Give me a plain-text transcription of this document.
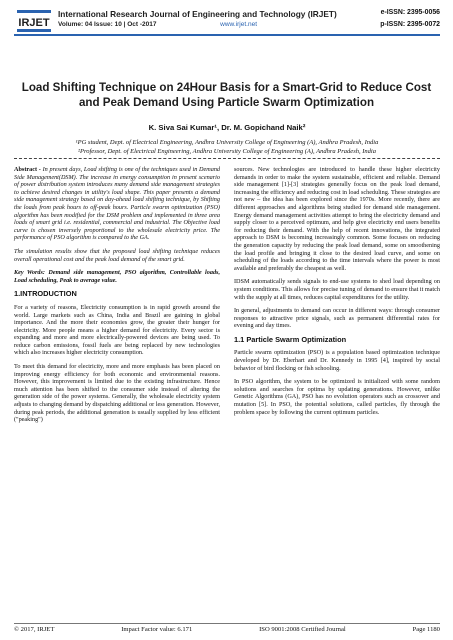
IRJET
International Research Journal of Engineering and Technology (IRJET)
Volume: 04 Issue: 10 | Oct -2017	www.irjet.net
e-ISSN: 2395-0056
p-ISSN: 2395-0072
Load Shifting Technique on 24Hour Basis for a Smart-Grid to Reduce Cost and Peak Demand Using Particle Swarm Optimization
K. Siva Sai Kumar¹, Dr. M. Gopichand Naik²
¹PG student, Dept. of Electrical Engineering, Andhra University College of Engineering (A), Andhra Pradesh, India
²Professor, Dept. of Electrical Engineering, Andhra University College of Engineering (A), Andhra Pradesh, India

Abstract - In present days, Load shifting is one of the techniques used in Demand Side Management(DSM). The increase in energy consumption in present scenario of power distribution system introduces many demand side management strategies to achieve desired changes in utility's load shape. This paper presents a demand side management strategy based on day-ahead load shifting technique, by Shifting the loads from peak hours to off-peak hours. Particle swarm optimization (PSO) algorithm has been modified for the DSM problem and implemented in three area loads of smart grid i.e. residential, commercial and industrial. The Objective load curve is chosen inversely proportional to the wholesale electricity price. The performance of PSO algorithm is compared to the GA.

The simulation results show that the proposed load shifting technique reduces overall operational cost and the peak load demand of the smart grid.

Key Words: Demand side management, PSO algorithm, Controllable loads, Load scheduling, Peak to average value.

1.INTRODUCTION

For a variety of reasons, Electricity consumption is in rapid growth around the world. Large markets such as China, India and Brazil are gaining in global importance. And the more their economies grow, the greater their hunger for electricity. More people means a higher demand for electricity. Every sector is expanding and more and more electrically-powered devices are being used. To reduce carbon emissions, fossil fuels are being replaced by new technologies which also increases higher electricity consumption.

To meet this demand for electricity, more and more emphasis has been placed on improving energy efficiency for both economic and environmental reasons. However, this improvement is limited due to the existing infrastructure. Hence much attention has been shifted to the consumer side instead of altering the generation side of the power systems. Generally, the wholesale electricity system adjusts to changing demand by dispatching additional or less generation. However, during peak periods, the additional generation is usually supplied by less efficient ("peaking")

sources. New technologies are introduced to handle these higher electricity demands in order to make the system sustainable, efficient and reliable. Demand side management [1]-[3] strategies generally focus on the peak load demand, increasing the efficiency and reducing cost in load scheduling. These strategies are not new – the idea has been explored since the 1970s. More recently, there are different approaches and algorithms being studied for demand side management. Energy demand management activities attempt to bring the electricity demand and supply closer to a perceived optimum, and help give electricity end users benefits for reducing their demand. With the help of recent innovations, the integrated approach to DSM is becoming increasingly common. Some focuses on reducing the generation capacity by reducing the peak load demand, some on smoothening the load profile and bringing it close to the desired load curve, and some on scheduling of the loads according to the time intervals where the power is most available and preferably the cheapest as well.

IDSM automatically sends signals to end-use systems to shed load depending on system conditions. This allows for precise tuning of demand to ensure that it match with the supply at all times, reduces capital expenditures for the utility.

In general, adjustments to demand can occur in different ways: through consumer responses to attractive price signals, such as permanent differential rates for evening and day times.

1.1 Particle Swarm Optimization

Particle swarm optimization (PSO) is a population based optimization technique developed by Dr. Eberhart and Dr. Kennedy in 1995 [4], inspired by social behavior of bird flocking or fish schooling.

In PSO algorithm, the system to be optimized is initialized with some random solutions and searches for optima by updating generations. However, unlike Genetic Algorithms (GA), PSO has no evolution operators such as crossover and mutation [5]. In PSO, the potential solutions, called particles, fly through the problem space by following the current optimum particles.

© 2017, IRJET	Impact Factor value: 6.171	ISO 9001:2008 Certified Journal	Page 1180
